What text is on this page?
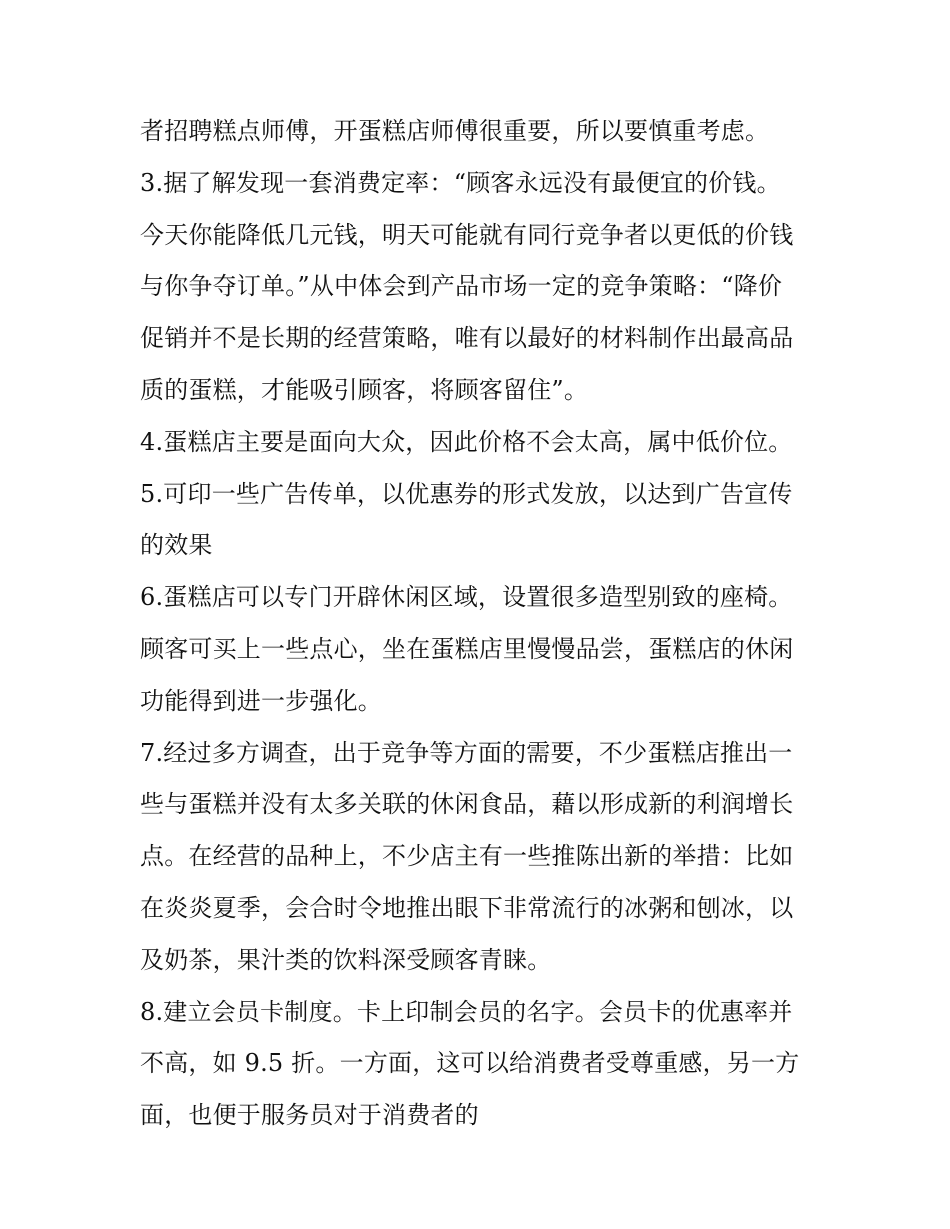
者招聘糕点师傅，开蛋糕店师傅很重要，所以要慎重考虑。
3.据了解发现一套消费定率：“顾客永远没有最便宜的价钱。
今天你能降低几元钱，明天可能就有同行竞争者以更低的价钱
与你争夺订单。”从中体会到产品市场一定的竞争策略：“降价
促销并不是长期的经营策略，唯有以最好的材料制作出最高品
质的蛋糕，才能吸引顾客，将顾客留住”。
4.蛋糕店主要是面向大众，因此价格不会太高，属中低价位。
5.可印一些广告传单，以优惠券的形式发放，以达到广告宣传
的效果
6.蛋糕店可以专门开辟休闲区域，设置很多造型别致的座椅。
顾客可买上一些点心，坐在蛋糕店里慢慢品尝，蛋糕店的休闲
功能得到进一步强化。
7.经过多方调查，出于竞争等方面的需要，不少蛋糕店推出一
些与蛋糕并没有太多关联的休闲食品，藉以形成新的利润增长
点。在经营的品种上，不少店主有一些推陈出新的举措：比如
在炎炎夏季，会合时令地推出眼下非常流行的冰粥和刨冰，以
及奶茶，果汁类的饮料深受顾客青睐。
8.建立会员卡制度。卡上印制会员的名字。会员卡的优惠率并
不高，如 9.5 折。一方面，这可以给消费者受尊重感，另一方
面，也便于服务员对于消费者的
